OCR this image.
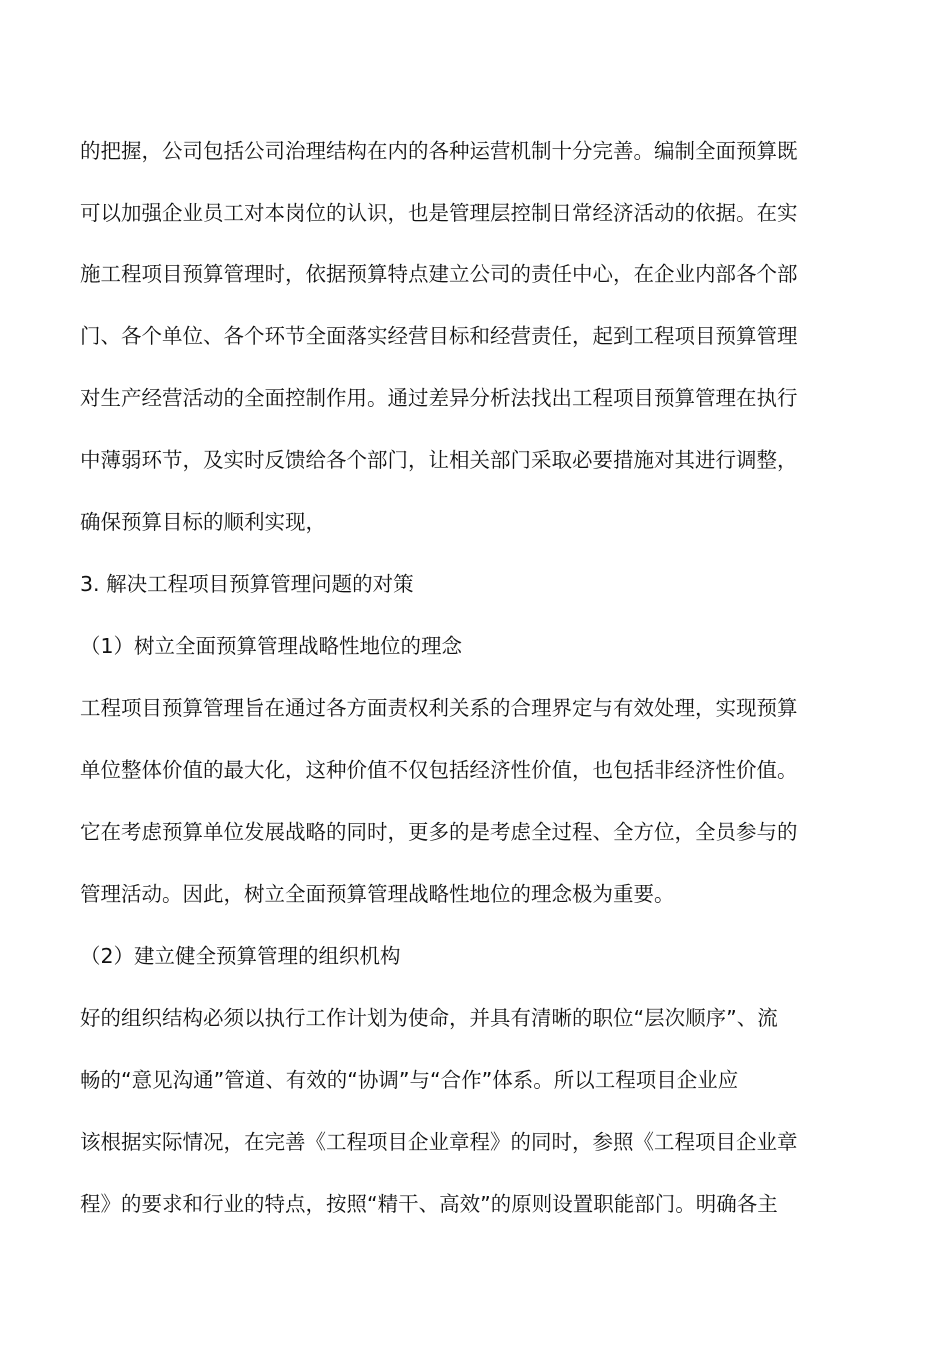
的把握，公司包括公司治理结构在内的各种运营机制十分完善。编制全面预算既
可以加强企业员工对本岗位的认识，也是管理层控制日常经济活动的依据。在实
施工程项目预算管理时，依据预算特点建立公司的责任中心，在企业内部各个部
门、各个单位、各个环节全面落实经营目标和经营责任，起到工程项目预算管理
对生产经营活动的全面控制作用。通过差异分析法找出工程项目预算管理在执行
中薄弱环节，及实时反馈给各个部门，让相关部门采取必要措施对其进行调整，
确保预算目标的顺利实现，
3. 解决工程项目预算管理问题的对策
（1）树立全面预算管理战略性地位的理念
工程项目预算管理旨在通过各方面责权利关系的合理界定与有效处理，实现预算
单位整体价值的最大化，这种价值不仅包括经济性价值，也包括非经济性价值。
它在考虑预算单位发展战略的同时，更多的是考虑全过程、全方位，全员参与的
管理活动。因此，树立全面预算管理战略性地位的理念极为重要。
（2）建立健全预算管理的组织机构
好的组织结构必须以执行工作计划为使命，并具有清晰的职位“层次顺序”、流
畅的“意见沟通”管道、有效的“协调”与“合作”体系。所以工程项目企业应
该根据实际情况，在完善《工程项目企业章程》的同时，参照《工程项目企业章
程》的要求和行业的特点，按照“精干、高效”的原则设置职能部门。明确各主
